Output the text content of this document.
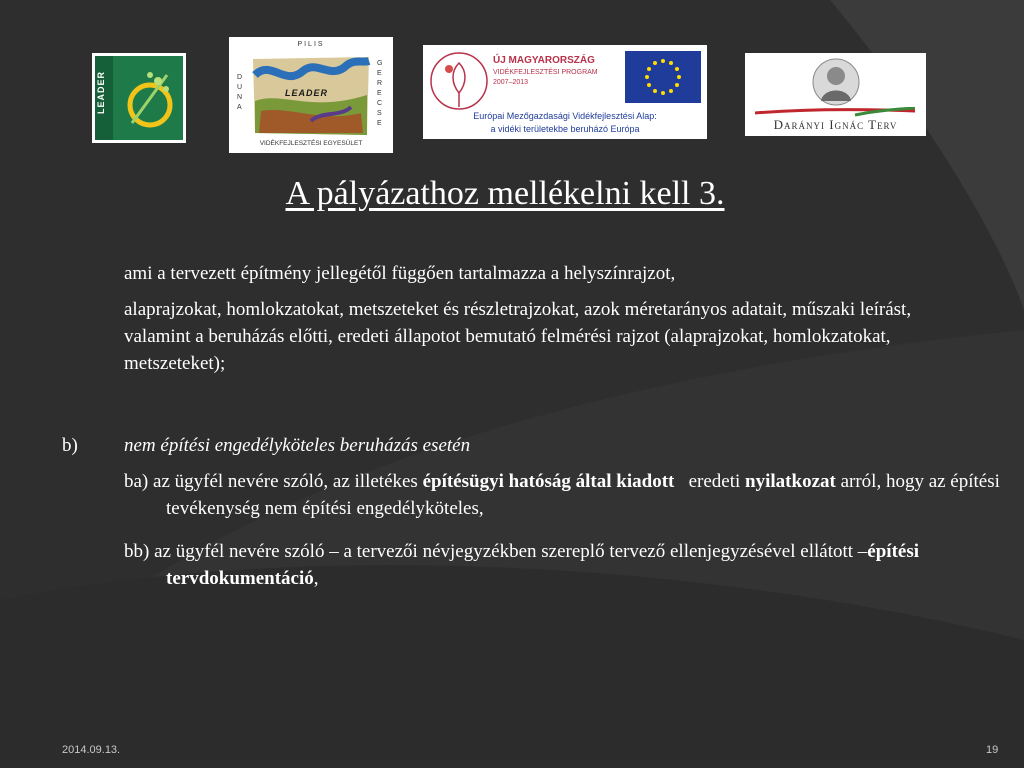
LEADER
PILIS
D
U
N
A
G
E
R
E
C
S
E
LEADER
VIDÉKFEJLESZTÉSI EGYESÜLET
ÚJ MAGYARORSZÁG
VIDÉKFEJLESZTÉSI PROGRAM
2007–2013
Európai Mezőgazdasági Vidékfejlesztési Alap:
a vidéki területekbe beruházó Európa	Darányi Ignác Terv
A pályázathoz mellékelni kell 3.
ami a tervezett építmény jellegétől függően tartalmazza a helyszínrajzot,
alaprajzokat, homlokzatokat, metszeteket és részletrajzokat, azok méretarányos adatait, műszaki leírást, valamint a beruházás előtti, eredeti állapotot bemutató felmérési rajzot (alaprajzokat, homlokzatokat, metszeteket);
b) nem építési engedélyköteles beruházás esetén
ba) az ügyfél nevére szóló, az illetékes építésügyi hatóság által kiadott   eredeti nyilatkozat arról, hogy az építési tevékenység nem építési engedélyköteles,
bb) az ügyfél nevére szóló – a tervezői névjegyzékben szereplő tervező ellenjegyzésével ellátott –építési tervdokumentáció,
2014.09.13.	19
